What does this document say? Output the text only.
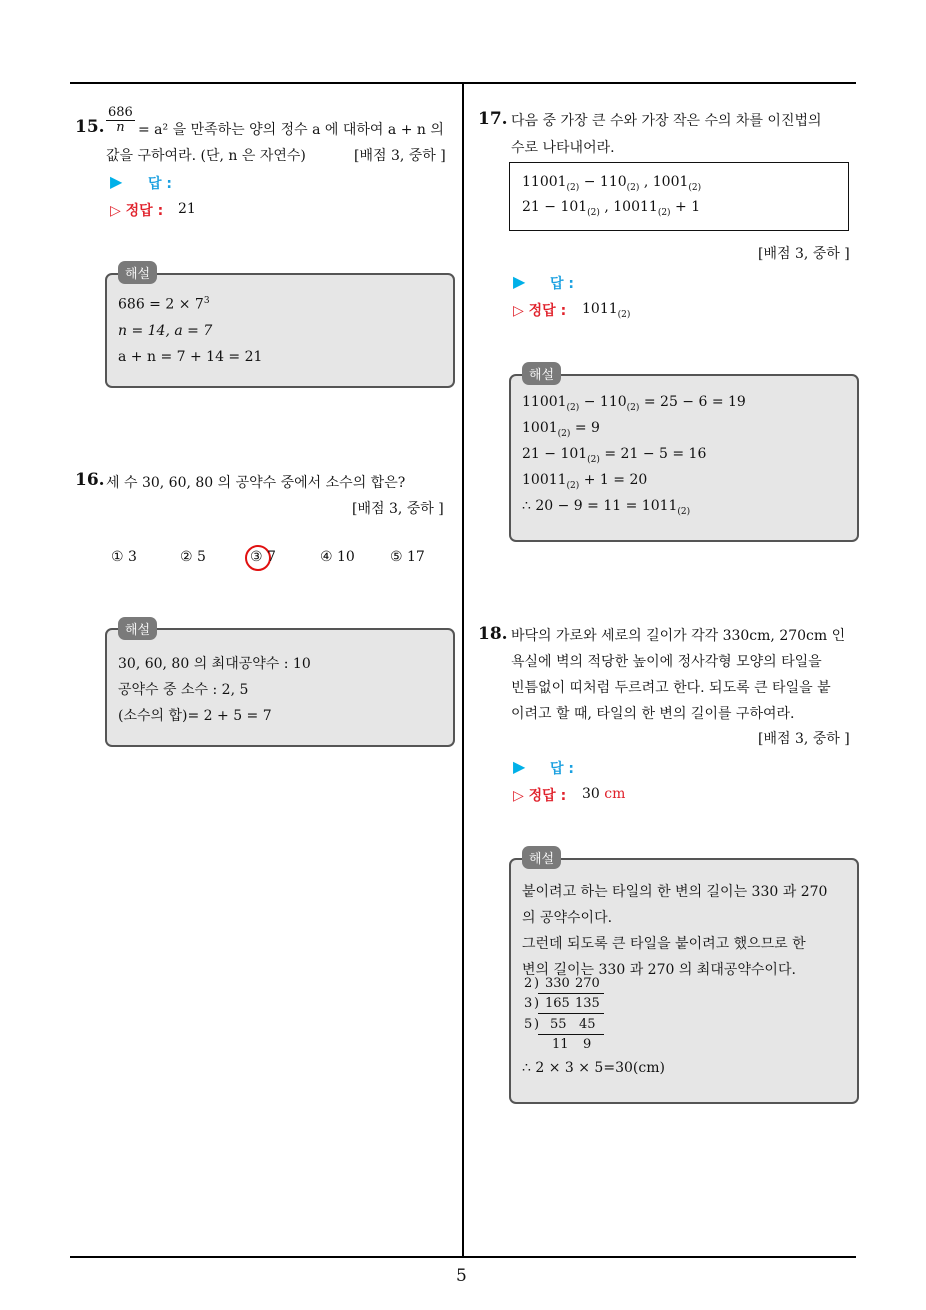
5
15. $\frac{686}{n} = a^2$ 을 만족하는 양의 정수 a 에 대하여 a + n 의
값을 구하여라. (단, n 은 자연수)	[배점 3, 중하 ]
▶ 답 :
▷ 정답 : 21
해설
$686 = 2 \times 7^3$
n = 14, a = 7
a + n = 7 + 14 = 21
16. 세 수 30, 60, 80 의 공약수 중에서 소수의 합은?
[배점 3, 중하 ]
① 3	② 5	③ 7	④ 10	⑤ 17
해설
30, 60, 80 의 최대공약수 : 10
공약수 중 소수 : 2, 5
(소수의 합)= 2 + 5 = 7
17. 다음 중 가장 큰 수와 가장 작은 수의 차를 이진법의
수로 나타내어라.
$11001_{(2)} - 110_{(2)}$ , $1001_{(2)}$
$21 - 101_{(2)}$ , $10011_{(2)} + 1$
[배점 3, 중하 ]
▶ 답 :
▷ 정답 : $1011_{(2)}$
해설
$11001_{(2)} - 110_{(2)} = 25 - 6 = 19$
$1001_{(2)} = 9$
$21 - 101_{(2)} = 21 - 5 = 16$
$10011_{(2)} + 1 = 20$
∴ $20 - 9 = 11 = 1011_{(2)}$
18. 바닥의 가로와 세로의 길이가 각각 330cm, 270cm 인
욕실에 벽의 적당한 높이에 정사각형 모양의 타일을
빈틈없이 띠처럼 두르려고 한다. 되도록 큰 타일을 붙
이려고 할 때, 타일의 한 변의 길이를 구하여라.
[배점 3, 중하 ]
▶ 답 :
▷ 정답 : 30 cm
해설
붙이려고 하는 타일의 한 변의 길이는 330 과 270
의 공약수이다.
그런데 되도록 큰 타일을 붙이려고 했으므로 한
변의 길이는 330 과 270 의 최대공약수이다.
2 ) 330 270
3 ) 165 135
5 ) 55 45
11 9
∴ 2 × 3 × 5=30(cm)
